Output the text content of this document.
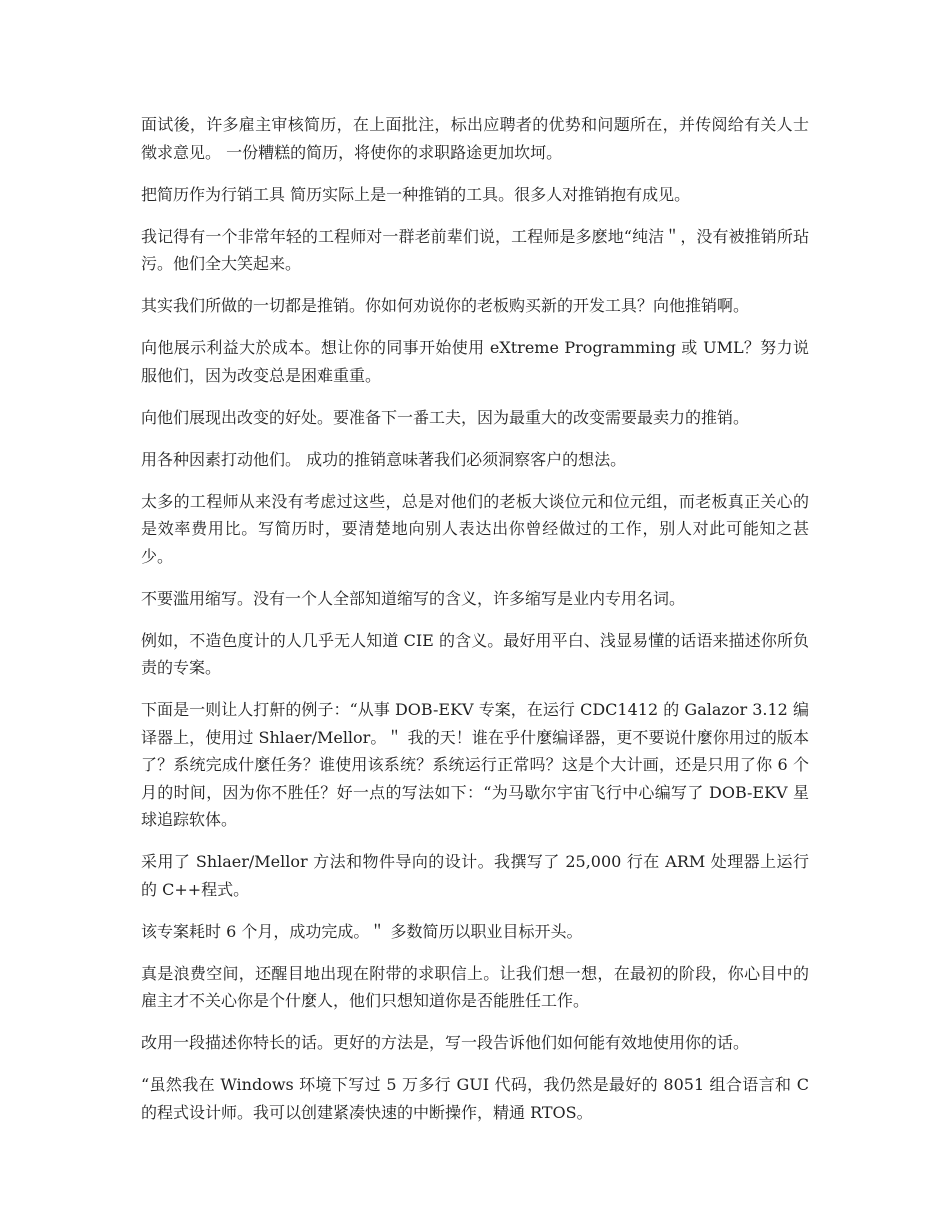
面试後，许多雇主审核简历，在上面批注，标出应聘者的优势和问题所在，并传阅给有关人士徵求意见。 一份糟糕的简历，将使你的求职路途更加坎坷。

把简历作为行销工具 简历实际上是一种推销的工具。很多人对推销抱有成见。

我记得有一个非常年轻的工程师对一群老前辈们说，工程师是多麽地“纯洁＂，没有被推销所玷污。他们全大笑起来。

其实我们所做的一切都是推销。你如何劝说你的老板购买新的开发工具？向他推销啊。

向他展示利益大於成本。想让你的同事开始使用 eXtreme Programming 或 UML？努力说服他们，因为改变总是困难重重。

向他们展现出改变的好处。要准备下一番工夫，因为最重大的改变需要最卖力的推销。

用各种因素打动他们。 成功的推销意味著我们必须洞察客户的想法。

太多的工程师从来没有考虑过这些，总是对他们的老板大谈位元和位元组，而老板真正关心的是效率费用比。写简历时，要清楚地向别人表达出你曾经做过的工作，别人对此可能知之甚少。

不要滥用缩写。没有一个人全部知道缩写的含义，许多缩写是业内专用名词。

例如，不造色度计的人几乎无人知道 CIE 的含义。最好用平白、浅显易懂的话语来描述你所负责的专案。

下面是一则让人打鼾的例子：“从事 DOB-EKV 专案，在运行 CDC1412 的 Galazor 3.12 编译器上，使用过 Shlaer/Mellor。＂ 我的天！谁在乎什麼编译器，更不要说什麼你用过的版本了？系统完成什麼任务？谁使用该系统？系统运行正常吗？这是个大计画，还是只用了你 6 个月的时间，因为你不胜任？好一点的写法如下：“为马歇尔宇宙飞行中心编写了 DOB-EKV 星球追踪软体。

采用了 Shlaer/Mellor 方法和物件导向的设计。我撰写了 25,000 行在 ARM 处理器上运行的 C++程式。

该专案耗时 6 个月，成功完成。＂ 多数简历以职业目标开头。

真是浪费空间，还醒目地出现在附带的求职信上。让我们想一想，在最初的阶段，你心目中的雇主才不关心你是个什麼人，他们只想知道你是否能胜任工作。

改用一段描述你特长的话。更好的方法是，写一段告诉他们如何能有效地使用你的话。

“虽然我在 Windows 环境下写过 5 万多行 GUI 代码，我仍然是最好的 8051 组合语言和 C 的程式设计师。我可以创建紧凑快速的中断操作，精通 RTOS。
